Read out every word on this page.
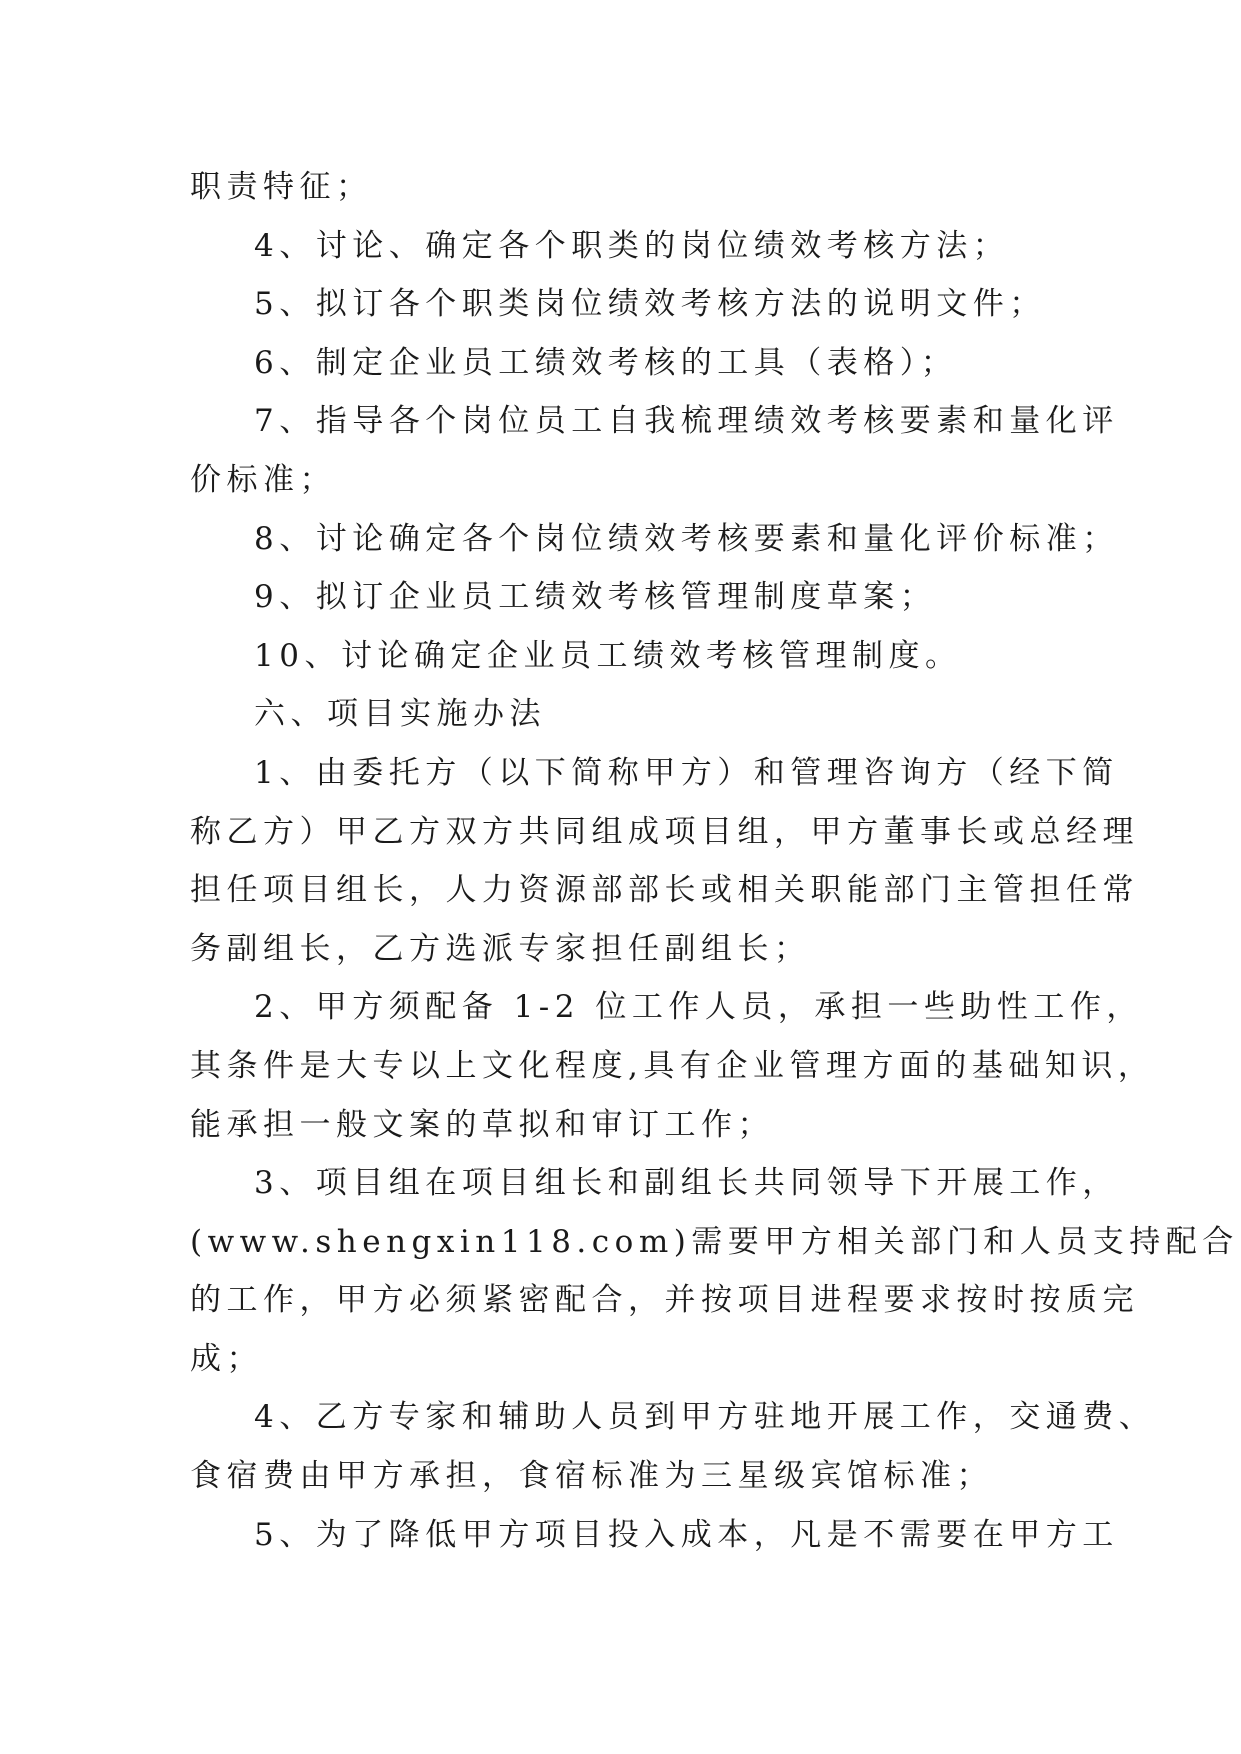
职责特征；
4、讨论、确定各个职类的岗位绩效考核方法；
5、拟订各个职类岗位绩效考核方法的说明文件；
6、制定企业员工绩效考核的工具（表格）；
7、指导各个岗位员工自我梳理绩效考核要素和量化评
价标准；
8、讨论确定各个岗位绩效考核要素和量化评价标准；
9、拟订企业员工绩效考核管理制度草案；
10、讨论确定企业员工绩效考核管理制度。
六、项目实施办法
1、由委托方（以下简称甲方）和管理咨询方（经下简
称乙方）甲乙方双方共同组成项目组，甲方董事长或总经理
担任项目组长，人力资源部部长或相关职能部门主管担任常
务副组长，乙方选派专家担任副组长；
2、甲方须配备 1-2 位工作人员，承担一些助性工作，
其条件是大专以上文化程度,具有企业管理方面的基础知识，
能承担一般文案的草拟和审订工作；
3、项目组在项目组长和副组长共同领导下开展工作，
(www.shengxin118.com)需要甲方相关部门和人员支持配合
的工作，甲方必须紧密配合，并按项目进程要求按时按质完
成；
4、乙方专家和辅助人员到甲方驻地开展工作，交通费、
食宿费由甲方承担，食宿标准为三星级宾馆标准；
5、为了降低甲方项目投入成本，凡是不需要在甲方工
